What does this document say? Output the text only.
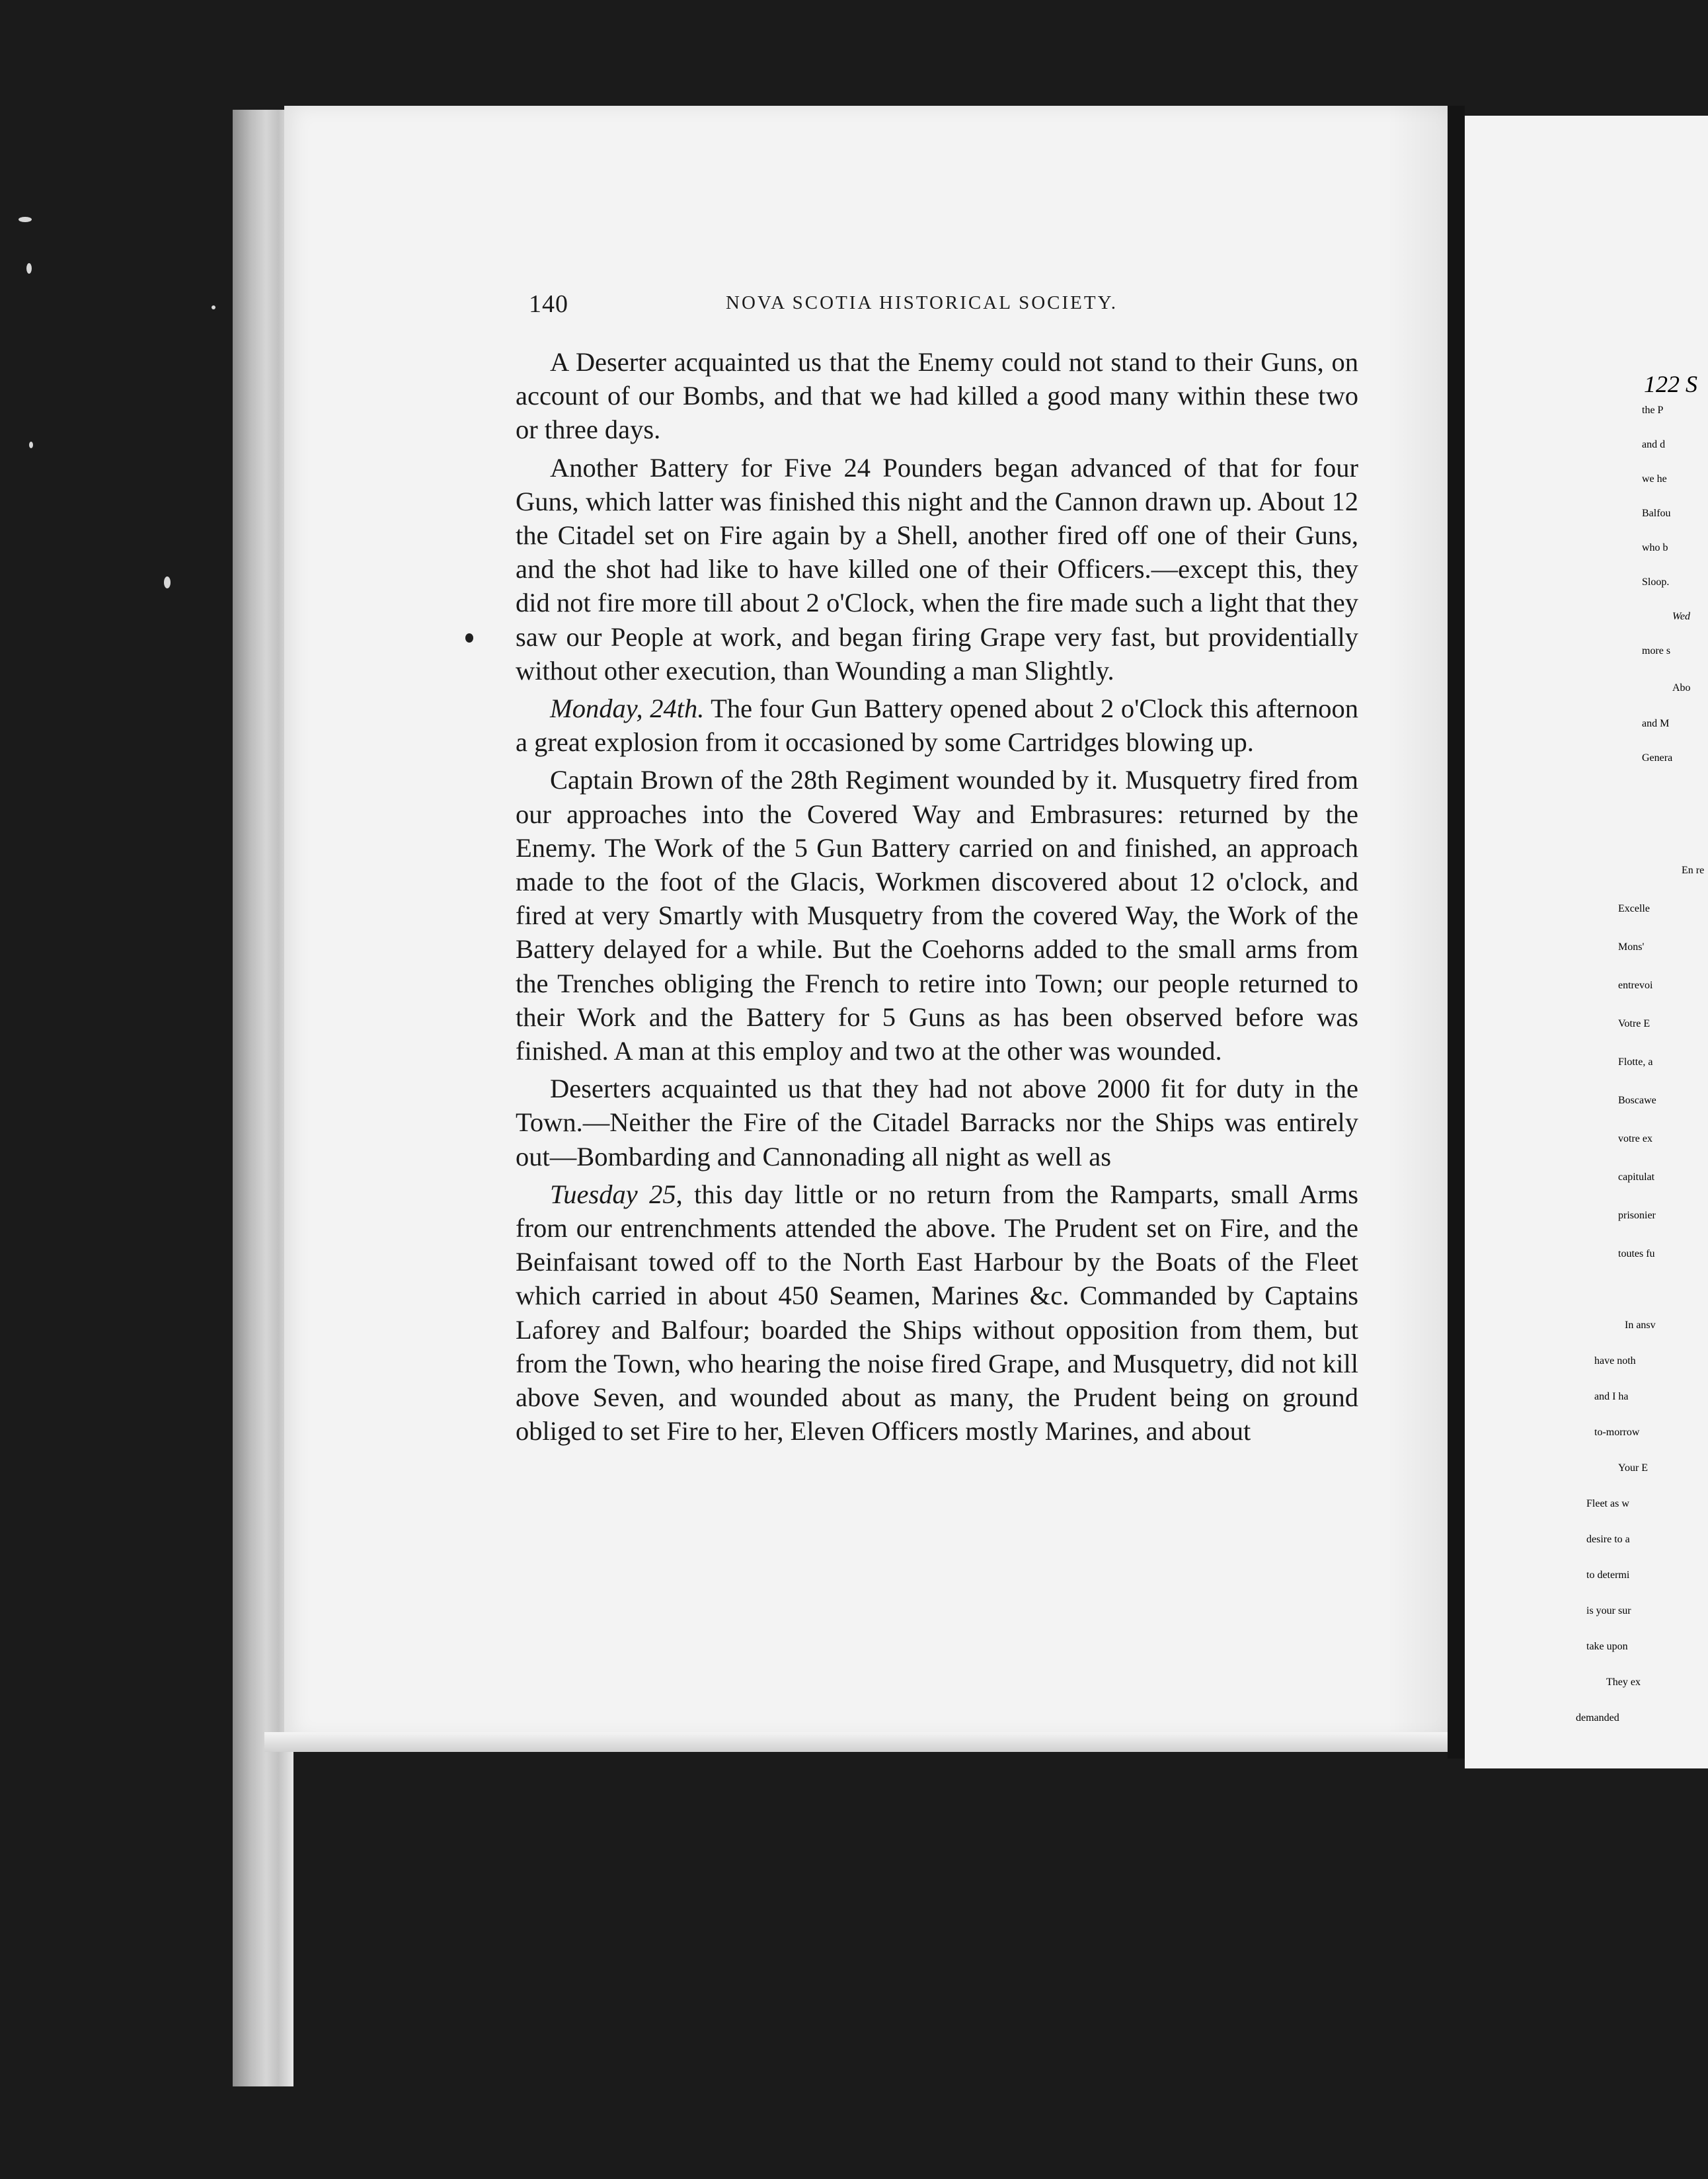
140	NOVA SCOTIA HISTORICAL SOCIETY.

A Deserter acquainted us that the Enemy could not stand to their Guns, on account of our Bombs, and that we had killed a good many within these two or three days.

Another Battery for Five 24 Pounders began advanced of that for four Guns, which latter was finished this night and the Cannon drawn up. About 12 the Citadel set on Fire again by a Shell, another fired off one of their Guns, and the shot had like to have killed one of their Officers.—except this, they did not fire more till about 2 o'Clock, when the fire made such a light that they saw our People at work, and began firing Grape very fast, but providentially without other execution, than Wounding a man Slightly.

Monday, 24th. The four Gun Battery opened about 2 o'Clock this afternoon a great explosion from it occasioned by some Cartridges blowing up.

Captain Brown of the 28th Regiment wounded by it. Musquetry fired from our approaches into the Covered Way and Embrasures: returned by the Enemy. The Work of the 5 Gun Battery carried on and finished, an approach made to the foot of the Glacis, Workmen discovered about 12 o'clock, and fired at very Smartly with Musquetry from the covered Way, the Work of the Battery delayed for a while. But the Coehorns added to the small arms from the Trenches obliging the French to retire into Town; our people returned to their Work and the Battery for 5 Guns as has been observed before was finished. A man at this employ and two at the other was wounded.

Deserters acquainted us that they had not above 2000 fit for duty in the Town.—Neither the Fire of the Citadel Barracks nor the Ships was entirely out—Bombarding and Cannonading all night as well as

Tuesday 25, this day little or no return from the Ramparts, small Arms from our entrenchments attended the above. The Prudent set on Fire, and the Beinfaisant towed off to the North East Harbour by the Boats of the Fleet which carried in about 450 Seamen, Marines &c. Commanded by Captains Laforey and Balfour; boarded the Ships without opposition from them, but from the Town, who hearing the noise fired Grape, and Musquetry, did not kill above Seven, and wounded about as many, the Prudent being on ground obliged to set Fire to her, Eleven Officers mostly Marines, and about

122 S
the P
and d
we he
Balfou
who b
Sloop.
Wed
more s
Abo
and M
Genera
En re
Excelle
Mons'
entrevoi
Votre E
Flotte, a
Boscawe
votre ex
capitulat
prisonier
toutes fu
In ansv
have noth
and I ha
to-morrow
Your E
Fleet as w
desire to a
to determi
is your sur
take upon
They ex
demanded
